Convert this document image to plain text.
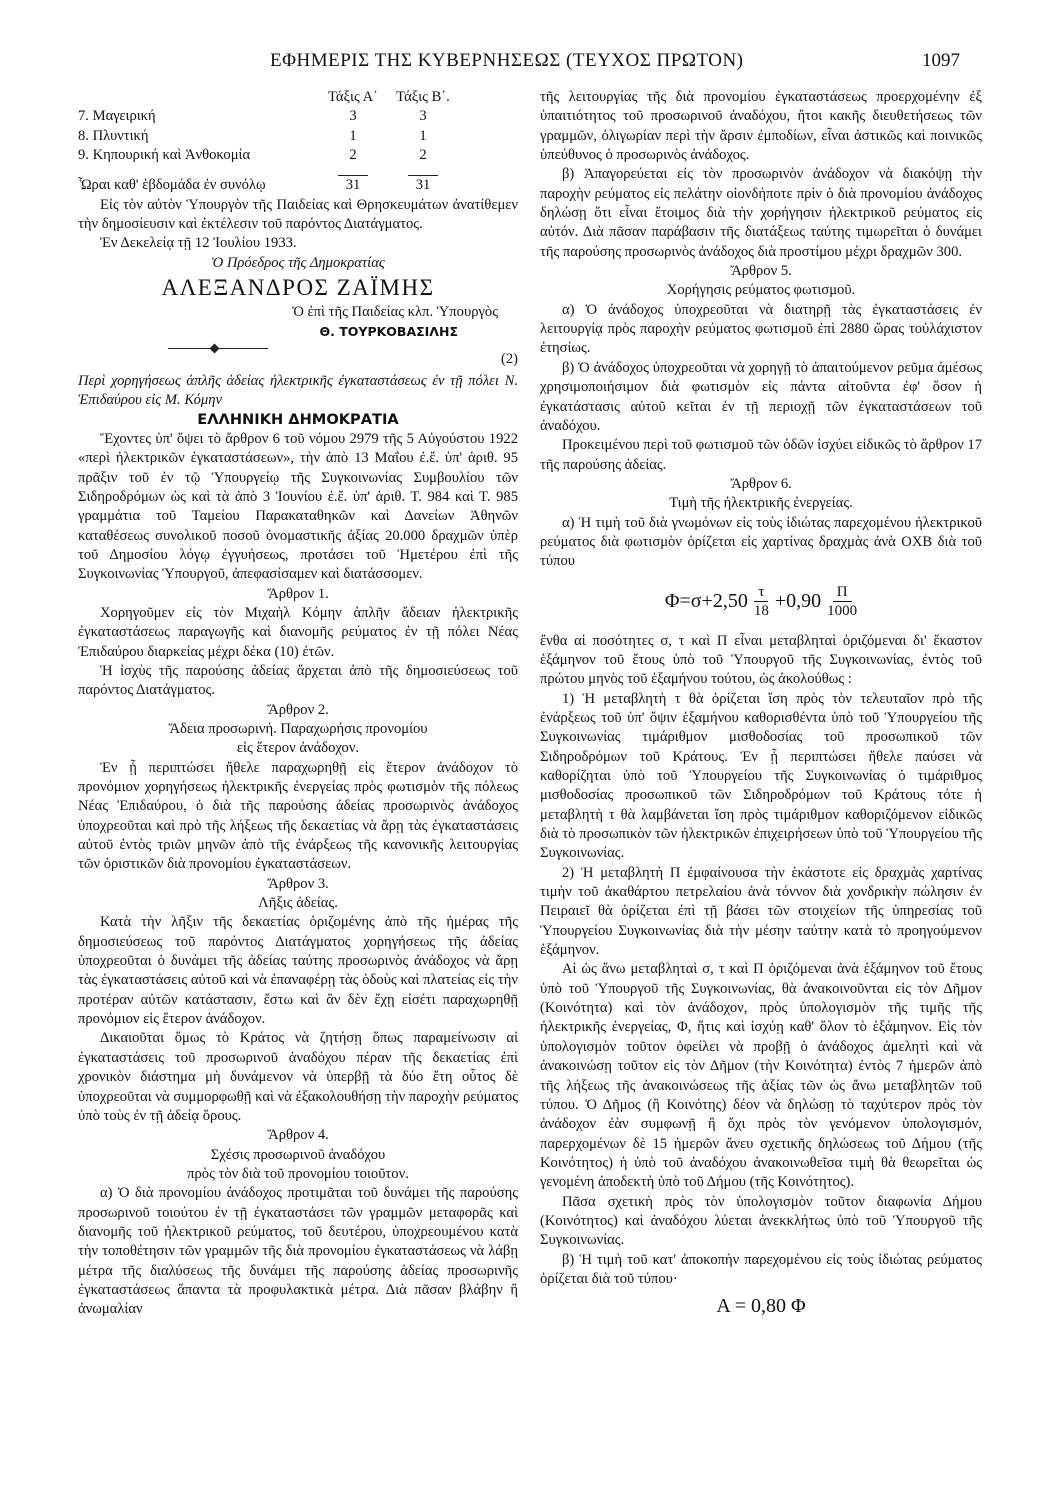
ΕΦΗΜΕΡΙΣ ΤΗΣ ΚΥΒΕΡΝΗΣΕΩΣ (ΤΕΥΧΟΣ ΠΡΩΤΟΝ)	1097
	Τάξις Α΄	Τάξις Β΄.	
7. Μαγειρική	3	3	
8. Πλυντική	1	1	
9. Κηπουρική καὶ Ἀνθοκομία	2	2	

Ὧραι καθ' ἑβδομάδα ἐν συνόλῳ	31	31	

Εἰς τὸν αὐτὸν Ὑπουργὸν τῆς Παιδείας καὶ Θρησκευμάτων ἀνατίθεμεν τὴν δημοσίευσιν καὶ ἐκτέλεσιν τοῦ παρόντος Διατάγματος.

Ἐν Δεκελείᾳ τῇ 12 Ἰουλίου 1933.

Ὁ Πρόεδρος τῆς Δημοκρατίας

ΑΛΕΞΑΝΔΡΟΣ ΖΑΪΜΗΣ

Ὁ ἐπὶ τῆς Παιδείας κλπ. Ὑπουργὸς

Θ. ΤΟΥΡΚΟΒΑΣΙΛΗΣ

(2)

Περὶ χορηγήσεως ἁπλῆς ἀδείας ἠλεκτρικῆς ἐγκαταστάσεως ἐν τῇ πόλει Ν. Ἐπιδαύρου εἰς Μ. Κόμην

ΕΛΛΗΝΙΚΗ ΔΗΜΟΚΡΑΤΙΑ

Ἔχοντες ὑπ' ὄψει τὸ ἄρθρον 6 τοῦ νόμου 2979 τῆς 5 Αὐγούστου 1922 «περὶ ἠλεκτρικῶν ἐγκαταστάσεων», τὴν ἀπὸ 13 Μαΐου ἐ.ἔ. ὑπ' ἀριθ. 95 πρᾶξιν τοῦ ἐν τῷ Ὑπουργείῳ τῆς Συγκοινωνίας Συμβουλίου τῶν Σιδηροδρόμων ὡς καὶ τὰ ἀπὸ 3 Ἰουνίου ἐ.ἔ. ὑπ' ἀριθ. Τ. 984 καὶ Τ. 985 γραμμάτια τοῦ Ταμείου Παρακαταθηκῶν καὶ Δανείων Ἀθηνῶν καταθέσεως συνολικοῦ ποσοῦ ὀνομαστικῆς ἀξίας 20.000 δραχμῶν ὑπὲρ τοῦ Δημοσίου λόγῳ ἐγγυήσεως, προτάσει τοῦ Ἡμετέρου ἐπὶ τῆς Συγκοινωνίας Ὑπουργοῦ, ἀπεφασίσαμεν καὶ διατάσσομεν.

Ἄρθρον 1.

Χορηγοῦμεν εἰς τὸν Μιχαὴλ Κόμην ἁπλῆν ἄδειαν ἠλεκτρικῆς ἐγκαταστάσεως παραγωγῆς καὶ διανομῆς ρεύματος ἐν τῇ πόλει Νέας Ἐπιδαύρου διαρκείας μέχρι δέκα (10) ἐτῶν.

Ἡ ἰσχὺς τῆς παρούσης ἀδείας ἄρχεται ἀπὸ τῆς δημοσιεύσεως τοῦ παρόντος Διατάγματος.

Ἄρθρον 2.

Ἄδεια προσωρινή. Παραχωρήσις προνομίου

εἰς ἕτερον ἀνάδοχον.

Ἐν ᾗ περιπτώσει ἤθελε παραχωρηθῇ εἰς ἕτερον ἀνάδοχον τὸ προνόμιον χορηγήσεως ἠλεκτρικῆς ἐνεργείας πρὸς φωτισμὸν τῆς πόλεως Νέας Ἐπιδαύρου, ὁ διὰ τῆς παρούσης ἀδείας προσωρινὸς ἀνάδοχος ὑποχρεοῦται καὶ πρὸ τῆς λήξεως τῆς δεκαετίας νὰ ἄρῃ τὰς ἐγκαταστάσεις αὐτοῦ ἐντὸς τριῶν μηνῶν ἀπὸ τῆς ἐνάρξεως τῆς κανονικῆς λειτουργίας τῶν ὁριστικῶν διὰ προνομίου ἐγκαταστάσεων.

Ἄρθρον 3.

Λῆξις ἀδείας.

Κατὰ τὴν λῆξιν τῆς δεκαετίας ὁριζομένης ἀπὸ τῆς ἡμέρας τῆς δημοσιεύσεως τοῦ παρόντος Διατάγματος χορηγήσεως τῆς ἀδείας ὑποχρεοῦται ὁ δυνάμει τῆς ἀδείας ταύτης προσωρινὸς ἀνάδοχος νὰ ἄρῃ τὰς ἐγκαταστάσεις αὐτοῦ καὶ νὰ ἐπαναφέρῃ τὰς ὁδοὺς καὶ πλατείας εἰς τὴν προτέραν αὐτῶν κατάστασιν, ἔστω καὶ ἂν δὲν ἔχῃ εἰσέτι παραχωρηθῇ προνόμιον εἰς ἕτερον ἀνάδοχον.

Δικαιοῦται ὅμως τὸ Κράτος νὰ ζητήσῃ ὅπως παραμείνωσιν αἱ ἐγκαταστάσεις τοῦ προσωρινοῦ ἀναδόχου πέραν τῆς δεκαετίας ἐπὶ χρονικὸν διάστημα μὴ δυνάμενον νὰ ὑπερβῇ τὰ δύο ἔτη οὗτος δὲ ὑποχρεοῦται νὰ συμμορφωθῇ καὶ νὰ ἐξακολουθήσῃ τὴν παροχὴν ρεύματος ὑπὸ τοὺς ἐν τῇ ἀδείᾳ ὅρους.

Ἄρθρον 4.

Σχέσις προσωρινοῦ ἀναδόχου

πρὸς τὸν διὰ τοῦ προνομίου τοιοῦτον.

α) Ὁ διὰ προνομίου ἀνάδοχος προτιμᾶται τοῦ δυνάμει τῆς παρούσης προσωρινοῦ τοιούτου ἐν τῇ ἐγκαταστάσει τῶν γραμμῶν μεταφορᾶς καὶ διανομῆς τοῦ ἠλεκτρικοῦ ρεύματος, τοῦ δευτέρου, ὑποχρεουμένου κατὰ τὴν τοποθέτησιν τῶν γραμμῶν τῆς διὰ προνομίου ἐγκαταστάσεως νὰ λάβῃ μέτρα τῆς διαλύσεως τῆς δυνάμει τῆς παρούσης ἀδείας προσωρινῆς ἐγκαταστάσεως ἅπαντα τὰ προφυλακτικὰ μέτρα. Διὰ πᾶσαν βλάβην ἢ ἀνωμαλίαν

τῆς λειτουργίας τῆς διὰ προνομίου ἐγκαταστάσεως προερχομένην ἐξ ὑπαιτιότητος τοῦ προσωρινοῦ ἀναδόχου, ἤτοι κακῆς διευθετήσεως τῶν γραμμῶν, ὀλιγωρίαν περὶ τὴν ἄρσιν ἐμποδίων, εἶναι ἀστικῶς καὶ ποινικῶς ὑπεύθυνος ὁ προσωρινὸς ἀνάδοχος.

β) Ἀπαγορεύεται εἰς τὸν προσωρινὸν ἀνάδοχον νὰ διακόψῃ τὴν παροχὴν ρεύματος εἰς πελάτην οἱονδήποτε πρὶν ὁ διὰ προνομίου ἀνάδοχος δηλώσῃ ὅτι εἶναι ἕτοιμος διὰ τὴν χορήγησιν ἠλεκτρικοῦ ρεύματος εἰς αὐτόν. Διὰ πᾶσαν παράβασιν τῆς διατάξεως ταύτης τιμωρεῖται ὁ δυνάμει τῆς παρούσης προσωρινὸς ἀνάδοχος διὰ προστίμου μέχρι δραχμῶν 300.

Ἄρθρον 5.

Χορήγησις ρεύματος φωτισμοῦ.

α) Ὁ ἀνάδοχος ὑποχρεοῦται νὰ διατηρῇ τὰς ἐγκαταστάσεις ἐν λειτουργίᾳ πρὸς παροχὴν ρεύματος φωτισμοῦ ἐπὶ 2880 ὥρας τοὐλάχιστον ἐτησίως.

β) Ὁ ἀνάδοχος ὑποχρεοῦται νὰ χορηγῇ τὸ ἀπαιτούμενον ρεῦμα ἀμέσως χρησιμοποιήσιμον διὰ φωτισμὸν εἰς πάντα αἰτοῦντα ἐφ' ὅσον ἡ ἐγκατάστασις αὐτοῦ κεῖται ἐν τῇ περιοχῇ τῶν ἐγκαταστάσεων τοῦ ἀναδόχου.

Προκειμένου περὶ τοῦ φωτισμοῦ τῶν ὁδῶν ἰσχύει εἰδικῶς τὸ ἄρθρον 17 τῆς παρούσης ἀδείας.

Ἄρθρον 6.

Τιμὴ τῆς ἠλεκτρικῆς ἐνεργείας.

α) Ἡ τιμὴ τοῦ διὰ γνωμόνων εἰς τοὺς ἰδιώτας παρεχομένου ἠλεκτρικοῦ ρεύματος διὰ φωτισμὸν ὁρίζεται εἰς χαρτίνας δραχμὰς ἀνὰ ΟΧΒ διὰ τοῦ τύπου

$\Phi=\sigma+2,50 \frac{\tau}{18} +0,90 \frac{\Pi}{1000}$

ἔνθα αἱ ποσότητες σ, τ καὶ Π εἶναι μεταβληταὶ ὁριζόμεναι δι' ἕκαστον ἑξάμηνον τοῦ ἔτους ὑπὸ τοῦ Ὑπουργοῦ τῆς Συγκοινωνίας, ἐντὸς τοῦ πρώτου μηνὸς τοῦ ἑξαμήνου τούτου, ὡς ἀκολούθως :

1) Ἡ μεταβλητὴ τ θὰ ὁρίζεται ἴση πρὸς τὸν τελευταῖον πρὸ τῆς ἐνάρξεως τοῦ ὑπ' ὄψιν ἑξαμήνου καθορισθέντα ὑπὸ τοῦ Ὑπουργείου τῆς Συγκοινωνίας τιμάριθμον μισθοδοσίας τοῦ προσωπικοῦ τῶν Σιδηροδρόμων τοῦ Κράτους. Ἐν ᾗ περιπτώσει ἤθελε παύσει νὰ καθορίζηται ὑπὸ τοῦ Ὑπουργείου τῆς Συγκοινωνίας ὁ τιμάριθμος μισθοδοσίας προσωπικοῦ τῶν Σιδηροδρόμων τοῦ Κράτους τότε ἡ μεταβλητὴ τ θὰ λαμβάνεται ἴση πρὸς τιμάριθμον καθοριζόμενον εἰδικῶς διὰ τὸ προσωπικὸν τῶν ἠλεκτρικῶν ἐπιχειρήσεων ὑπὸ τοῦ Ὑπουργείου τῆς Συγκοινωνίας.

2) Ἡ μεταβλητὴ Π ἐμφαίνουσα τὴν ἑκάστοτε εἰς δραχμὰς χαρτίνας τιμὴν τοῦ ἀκαθάρτου πετρελαίου ἀνὰ τόννον διὰ χονδρικὴν πώλησιν ἐν Πειραιεῖ θὰ ὁρίζεται ἐπὶ τῇ βάσει τῶν στοιχείων τῆς ὑπηρεσίας τοῦ Ὑπουργείου Συγκοινωνίας διὰ τὴν μέσην ταύτην κατὰ τὸ προηγούμενον ἑξάμηνον.

Αἱ ὡς ἄνω μεταβληταὶ σ, τ καὶ Π ὁριζόμεναι ἀνὰ ἑξάμηνον τοῦ ἔτους ὑπὸ τοῦ Ὑπουργοῦ τῆς Συγκοινωνίας, θὰ ἀνακοινοῦνται εἰς τὸν Δῆμον (Κοινότητα) καὶ τὸν ἀνάδοχον, πρὸς ὑπολογισμὸν τῆς τιμῆς τῆς ἠλεκτρικῆς ἐνεργείας, Φ, ἥτις καὶ ἰσχύῃ καθ' ὅλον τὸ ἑξάμηνον. Εἰς τὸν ὑπολογισμὸν τοῦτον ὀφείλει νὰ προβῇ ὁ ἀνάδοχος ἀμελητὶ καὶ νὰ ἀνακοινώσῃ τοῦτον εἰς τὸν Δῆμον (τὴν Κοινότητα) ἐντὸς 7 ἡμερῶν ἀπὸ τῆς λήξεως τῆς ἀνακοινώσεως τῆς ἀξίας τῶν ὡς ἄνω μεταβλητῶν τοῦ τύπου. Ὁ Δῆμος (ἢ Κοινότης) δέον νὰ δηλώσῃ τὸ ταχύτερον πρὸς τὸν ἀνάδοχον ἐὰν συμφωνῇ ἢ ὄχι πρὸς τὸν γενόμενον ὑπολογισμόν, παρερχομένων δὲ 15 ἡμερῶν ἄνευ σχετικῆς δηλώσεως τοῦ Δήμου (τῆς Κοινότητος) ἡ ὑπὸ τοῦ ἀναδόχου ἀνακοινωθεῖσα τιμὴ θὰ θεωρεῖται ὡς γενομένη ἀποδεκτὴ ὑπὸ τοῦ Δήμου (τῆς Κοινότητος).

Πᾶσα σχετικὴ πρὸς τὸν ὑπολογισμὸν τοῦτον διαφωνία Δήμου (Κοινότητος) καὶ ἀναδόχου λύεται ἀνεκκλήτως ὑπὸ τοῦ Ὑπουργοῦ τῆς Συγκοινωνίας.

β) Ἡ τιμὴ τοῦ κατ' ἀποκοπὴν παρεχομένου εἰς τοὺς ἰδιώτας ρεύματος ὁρίζεται διὰ τοῦ τύπου·

Α = 0,80 Φ
